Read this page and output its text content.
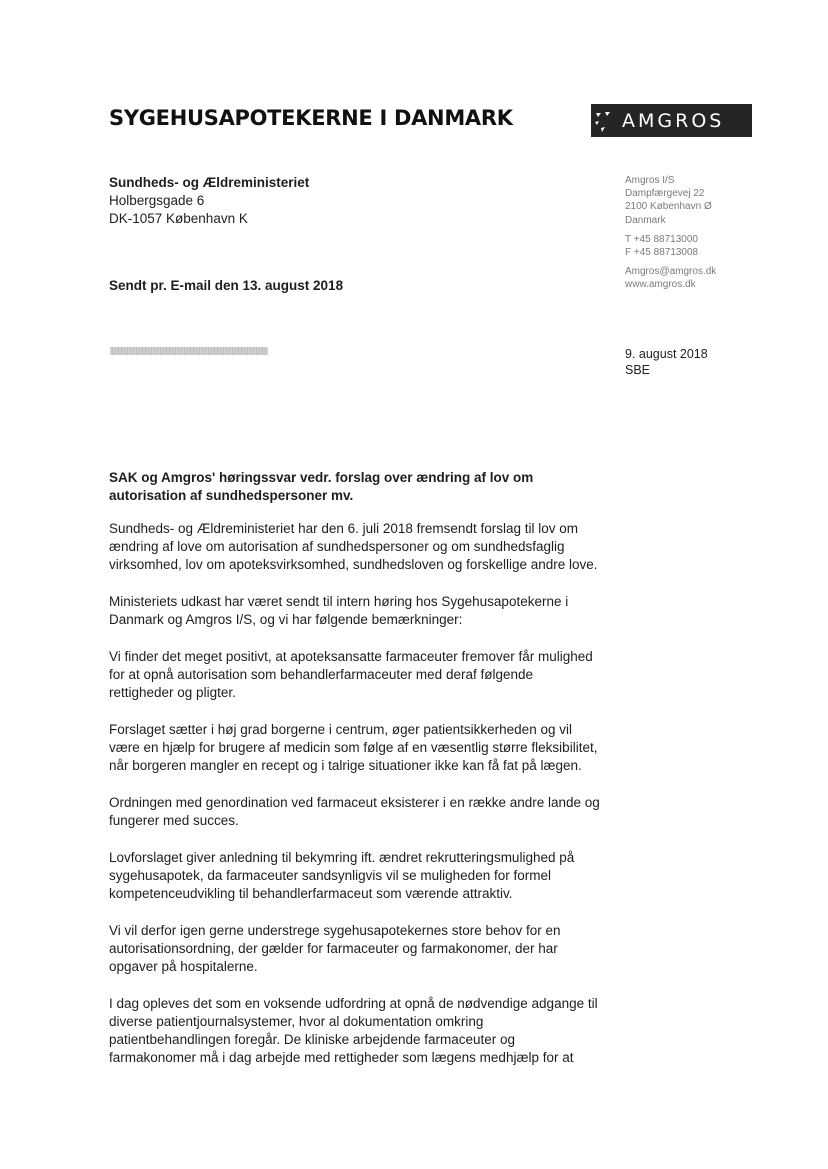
SYGEHUSAPOTEKERNE I DANMARK	AMGROS
Sundheds- og Ældreministeriet
Holbergsgade 6
DK-1057 København K
Sendt pr. E-mail den 13. august 2018
Amgros I/S
Dampfærgevej 22
2100 København Ø
Danmark
T +45 88713000
F +45 88713008
Amgros@amgros.dk
www.amgros.dk
9. august 2018
SBE
SAK og Amgros' høringssvar vedr. forslag over ændring af lov om autorisation af sundhedspersoner mv.

Sundheds- og Ældreministeriet har den 6. juli 2018 fremsendt forslag til lov om ændring af love om autorisation af sundhedspersoner og om sundhedsfaglig virksomhed, lov om apoteksvirksomhed, sundhedsloven og forskellige andre love.

Ministeriets udkast har været sendt til intern høring hos Sygehusapotekerne i Danmark og Amgros I/S, og vi har følgende bemærkninger:

Vi finder det meget positivt, at apoteksansatte farmaceuter fremover får mulighed for at opnå autorisation som behandlerfarmaceuter med deraf følgende rettigheder og pligter.

Forslaget sætter i høj grad borgerne i centrum, øger patientsikkerheden og vil være en hjælp for brugere af medicin som følge af en væsentlig større fleksibilitet, når borgeren mangler en recept og i talrige situationer ikke kan få fat på lægen.

Ordningen med genordination ved farmaceut eksisterer i en række andre lande og fungerer med succes.

Lovforslaget giver anledning til bekymring ift. ændret rekrutteringsmulighed på sygehusapotek, da farmaceuter sandsynligvis vil se muligheden for formel kompetenceudvikling til behandlerfarmaceut som værende attraktiv.

Vi vil derfor igen gerne understrege sygehusapotekernes store behov for en autorisationsordning, der gælder for farmaceuter og farmakonomer, der har opgaver på hospitalerne.

I dag opleves det som en voksende udfordring at opnå de nødvendige adgange til diverse patientjournalsystemer, hvor al dokumentation omkring patientbehandlingen foregår. De kliniske arbejdende farmaceuter og farmakonomer må i dag arbejde med rettigheder som lægens medhjælp for at
